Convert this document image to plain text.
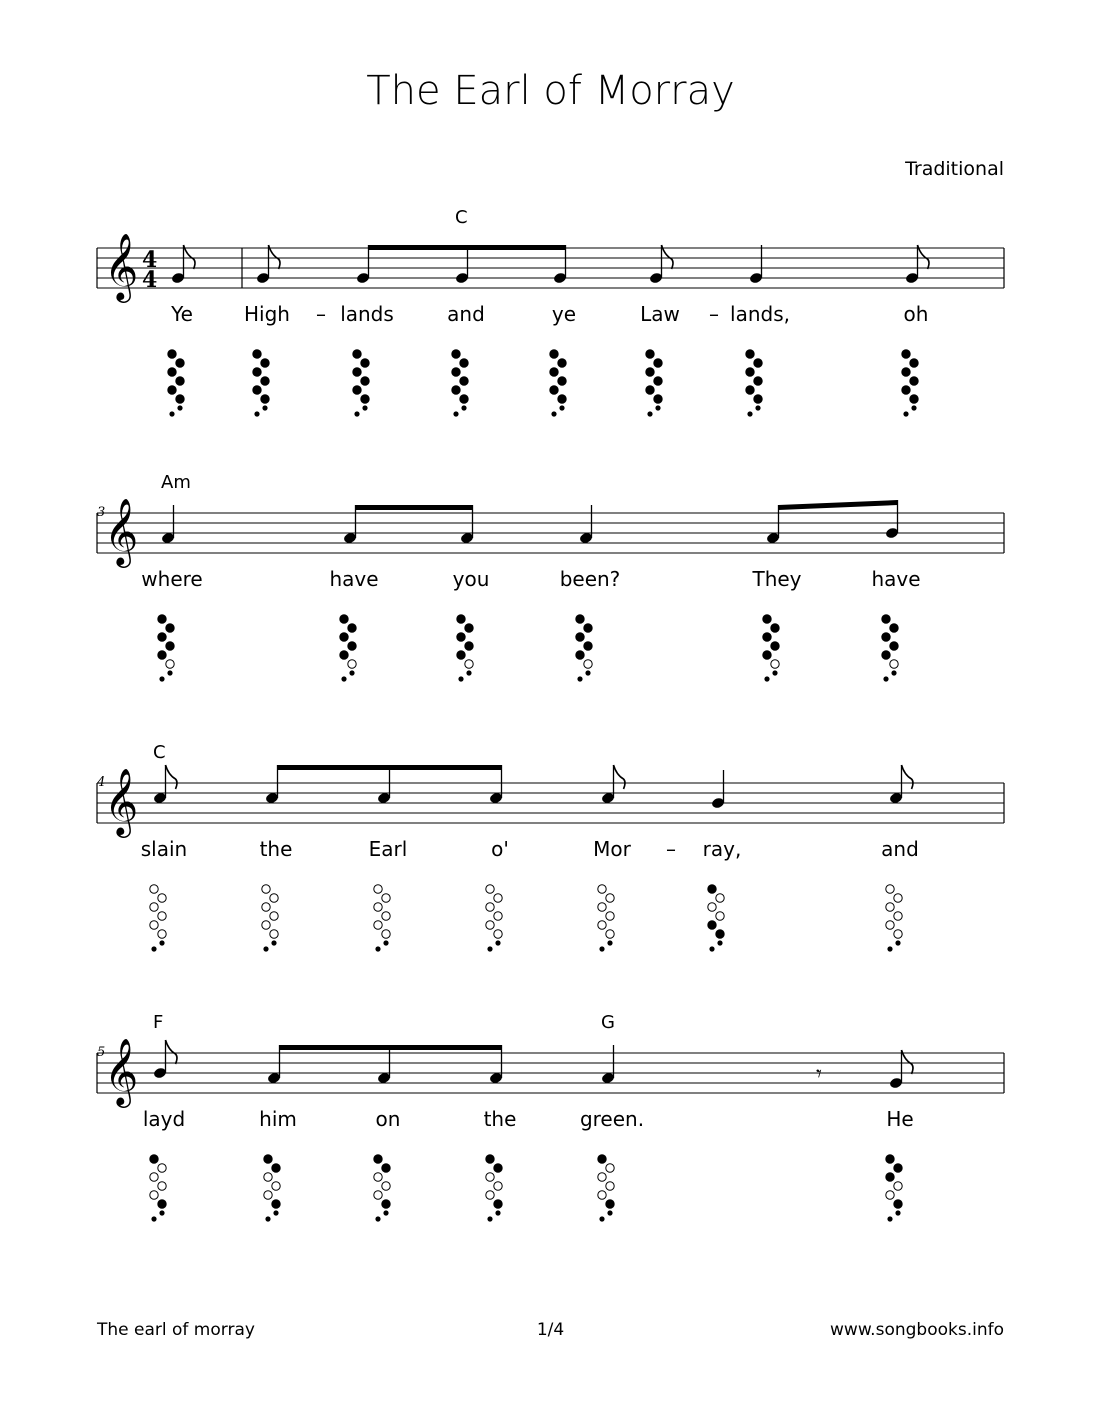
The Earl of Morray
Traditional
𝄞 4
4
C
Ye	High – lands	and	ye	Law – lands,	oh
𝄞
3
Am
where	have	you	been?	They	have
𝄞
4
C
slain	the	Earl	o'	Mor – ray,	and
𝄞	𝄾
5
F	G
layd	him	on	the	green.	He
The earl of morray	1/4	www.songbooks.info
